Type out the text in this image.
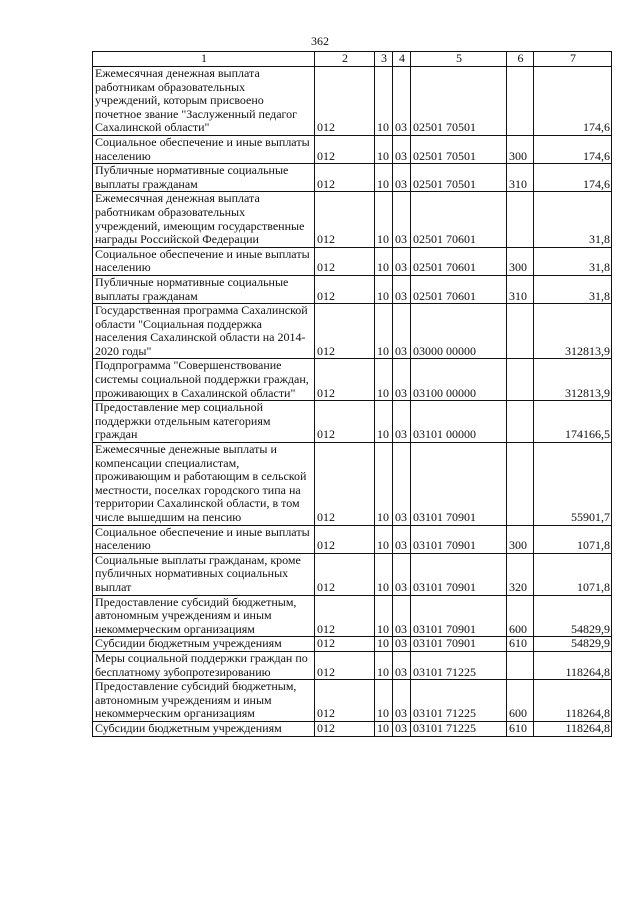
362
1	2	3	4	5	6	7
Ежемесячная денежная выплата работникам образовательных учреждений, которым присвоено почетное звание "Заслуженный педагог Сахалинской области"	012	10	03	02501 70501		174,6
Социальное обеспечение и иные выплаты населению	012	10	03	02501 70501	300	174,6
Публичные нормативные социальные выплаты гражданам	012	10	03	02501 70501	310	174,6
Ежемесячная денежная выплата работникам образовательных учреждений, имеющим государственные награды Российской Федерации	012	10	03	02501 70601		31,8
Социальное обеспечение и иные выплаты населению	012	10	03	02501 70601	300	31,8
Публичные нормативные социальные выплаты гражданам	012	10	03	02501 70601	310	31,8
Государственная программа Сахалинской области "Социальная поддержка населения Сахалинской области на 2014-2020 годы"	012	10	03	03000 00000		312813,9
Подпрограмма "Совершенствование системы социальной поддержки граждан, проживающих в Сахалинской области"	012	10	03	03100 00000		312813,9
Предоставление мер социальной поддержки отдельным категориям граждан	012	10	03	03101 00000		174166,5
Ежемесячные денежные выплаты и компенсации специалистам, проживающим и работающим в сельской местности, поселках городского типа на территории Сахалинской области, в том числе вышедшим на пенсию	012	10	03	03101 70901		55901,7
Социальное обеспечение и иные выплаты населению	012	10	03	03101 70901	300	1071,8
Социальные выплаты гражданам, кроме публичных нормативных социальных выплат	012	10	03	03101 70901	320	1071,8
Предоставление субсидий бюджетным, автономным учреждениям и иным некоммерческим организациям	012	10	03	03101 70901	600	54829,9
Субсидии бюджетным учреждениям	012	10	03	03101 70901	610	54829,9
Меры социальной поддержки граждан по бесплатному зубопротезированию	012	10	03	03101 71225		118264,8
Предоставление субсидий бюджетным, автономным учреждениям и иным некоммерческим организациям	012	10	03	03101 71225	600	118264,8
Субсидии бюджетным учреждениям	012	10	03	03101 71225	610	118264,8
